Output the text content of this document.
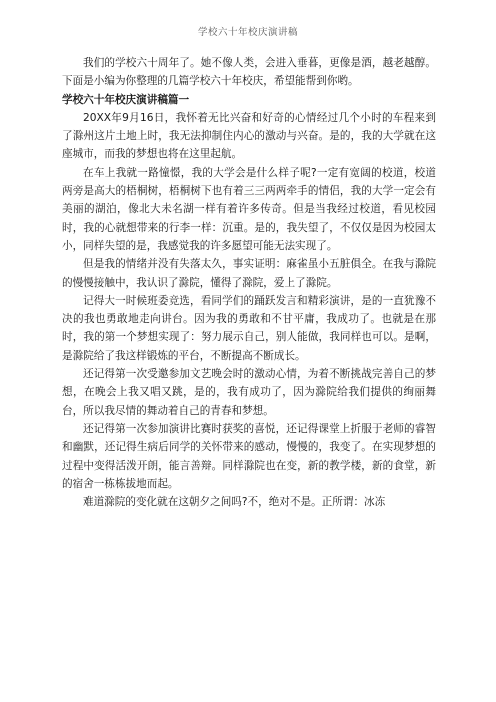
学校六十年校庆演讲稿

我们的学校六十周年了。她不像人类，会进入垂暮，更像是酒，越老越醇。下面是小编为你整理的几篇学校六十年校庆，希望能帮到你哟。

学校六十年校庆演讲稿篇一

20XX年9月16日，我怀着无比兴奋和好奇的心情经过几个小时的车程来到了滁州这片土地上时，我无法抑制住内心的激动与兴奋。是的，我的大学就在这座城市，而我的梦想也将在这里起航。

在车上我就一路憧憬，我的大学会是什么样子呢?一定有宽阔的校道，校道两旁是高大的梧桐树，梧桐树下也有着三三两两牵手的情侣，我的大学一定会有美丽的湖泊，像北大未名湖一样有着许多传奇。但是当我经过校道，看见校园时，我的心就想带来的行李一样：沉重。是的，我失望了，不仅仅是因为校园太小，同样失望的是，我感觉我的许多愿望可能无法实现了。

但是我的情绪并没有失落太久，事实证明：麻雀虽小五脏俱全。在我与滁院的慢慢接触中，我认识了滁院，懂得了滁院，爱上了滁院。

记得大一时候班委竞选，看同学们的踊跃发言和精彩演讲，是的一直犹豫不决的我也勇敢地走向讲台。因为我的勇敢和不甘平庸，我成功了。也就是在那时，我的第一个梦想实现了：努力展示自己，别人能做，我同样也可以。是啊，是滁院给了我这样锻炼的平台，不断提高不断成长。

还记得第一次受邀参加文艺晚会时的激动心情，为着不断挑战完善自己的梦想，在晚会上我又唱又跳，是的，我有成功了，因为滁院给我们提供的绚丽舞台，所以我尽情的舞动着自己的青春和梦想。

还记得第一次参加演讲比赛时获奖的喜悦，还记得课堂上折服于老师的睿智和幽默，还记得生病后同学的关怀带来的感动，慢慢的，我变了。在实现梦想的过程中变得活泼开朗，能言善辩。同样滁院也在变，新的教学楼，新的食堂，新的宿舍一栋栋拔地而起。

难道滁院的变化就在这朝夕之间吗?不，绝对不是。正所谓：冰冻
